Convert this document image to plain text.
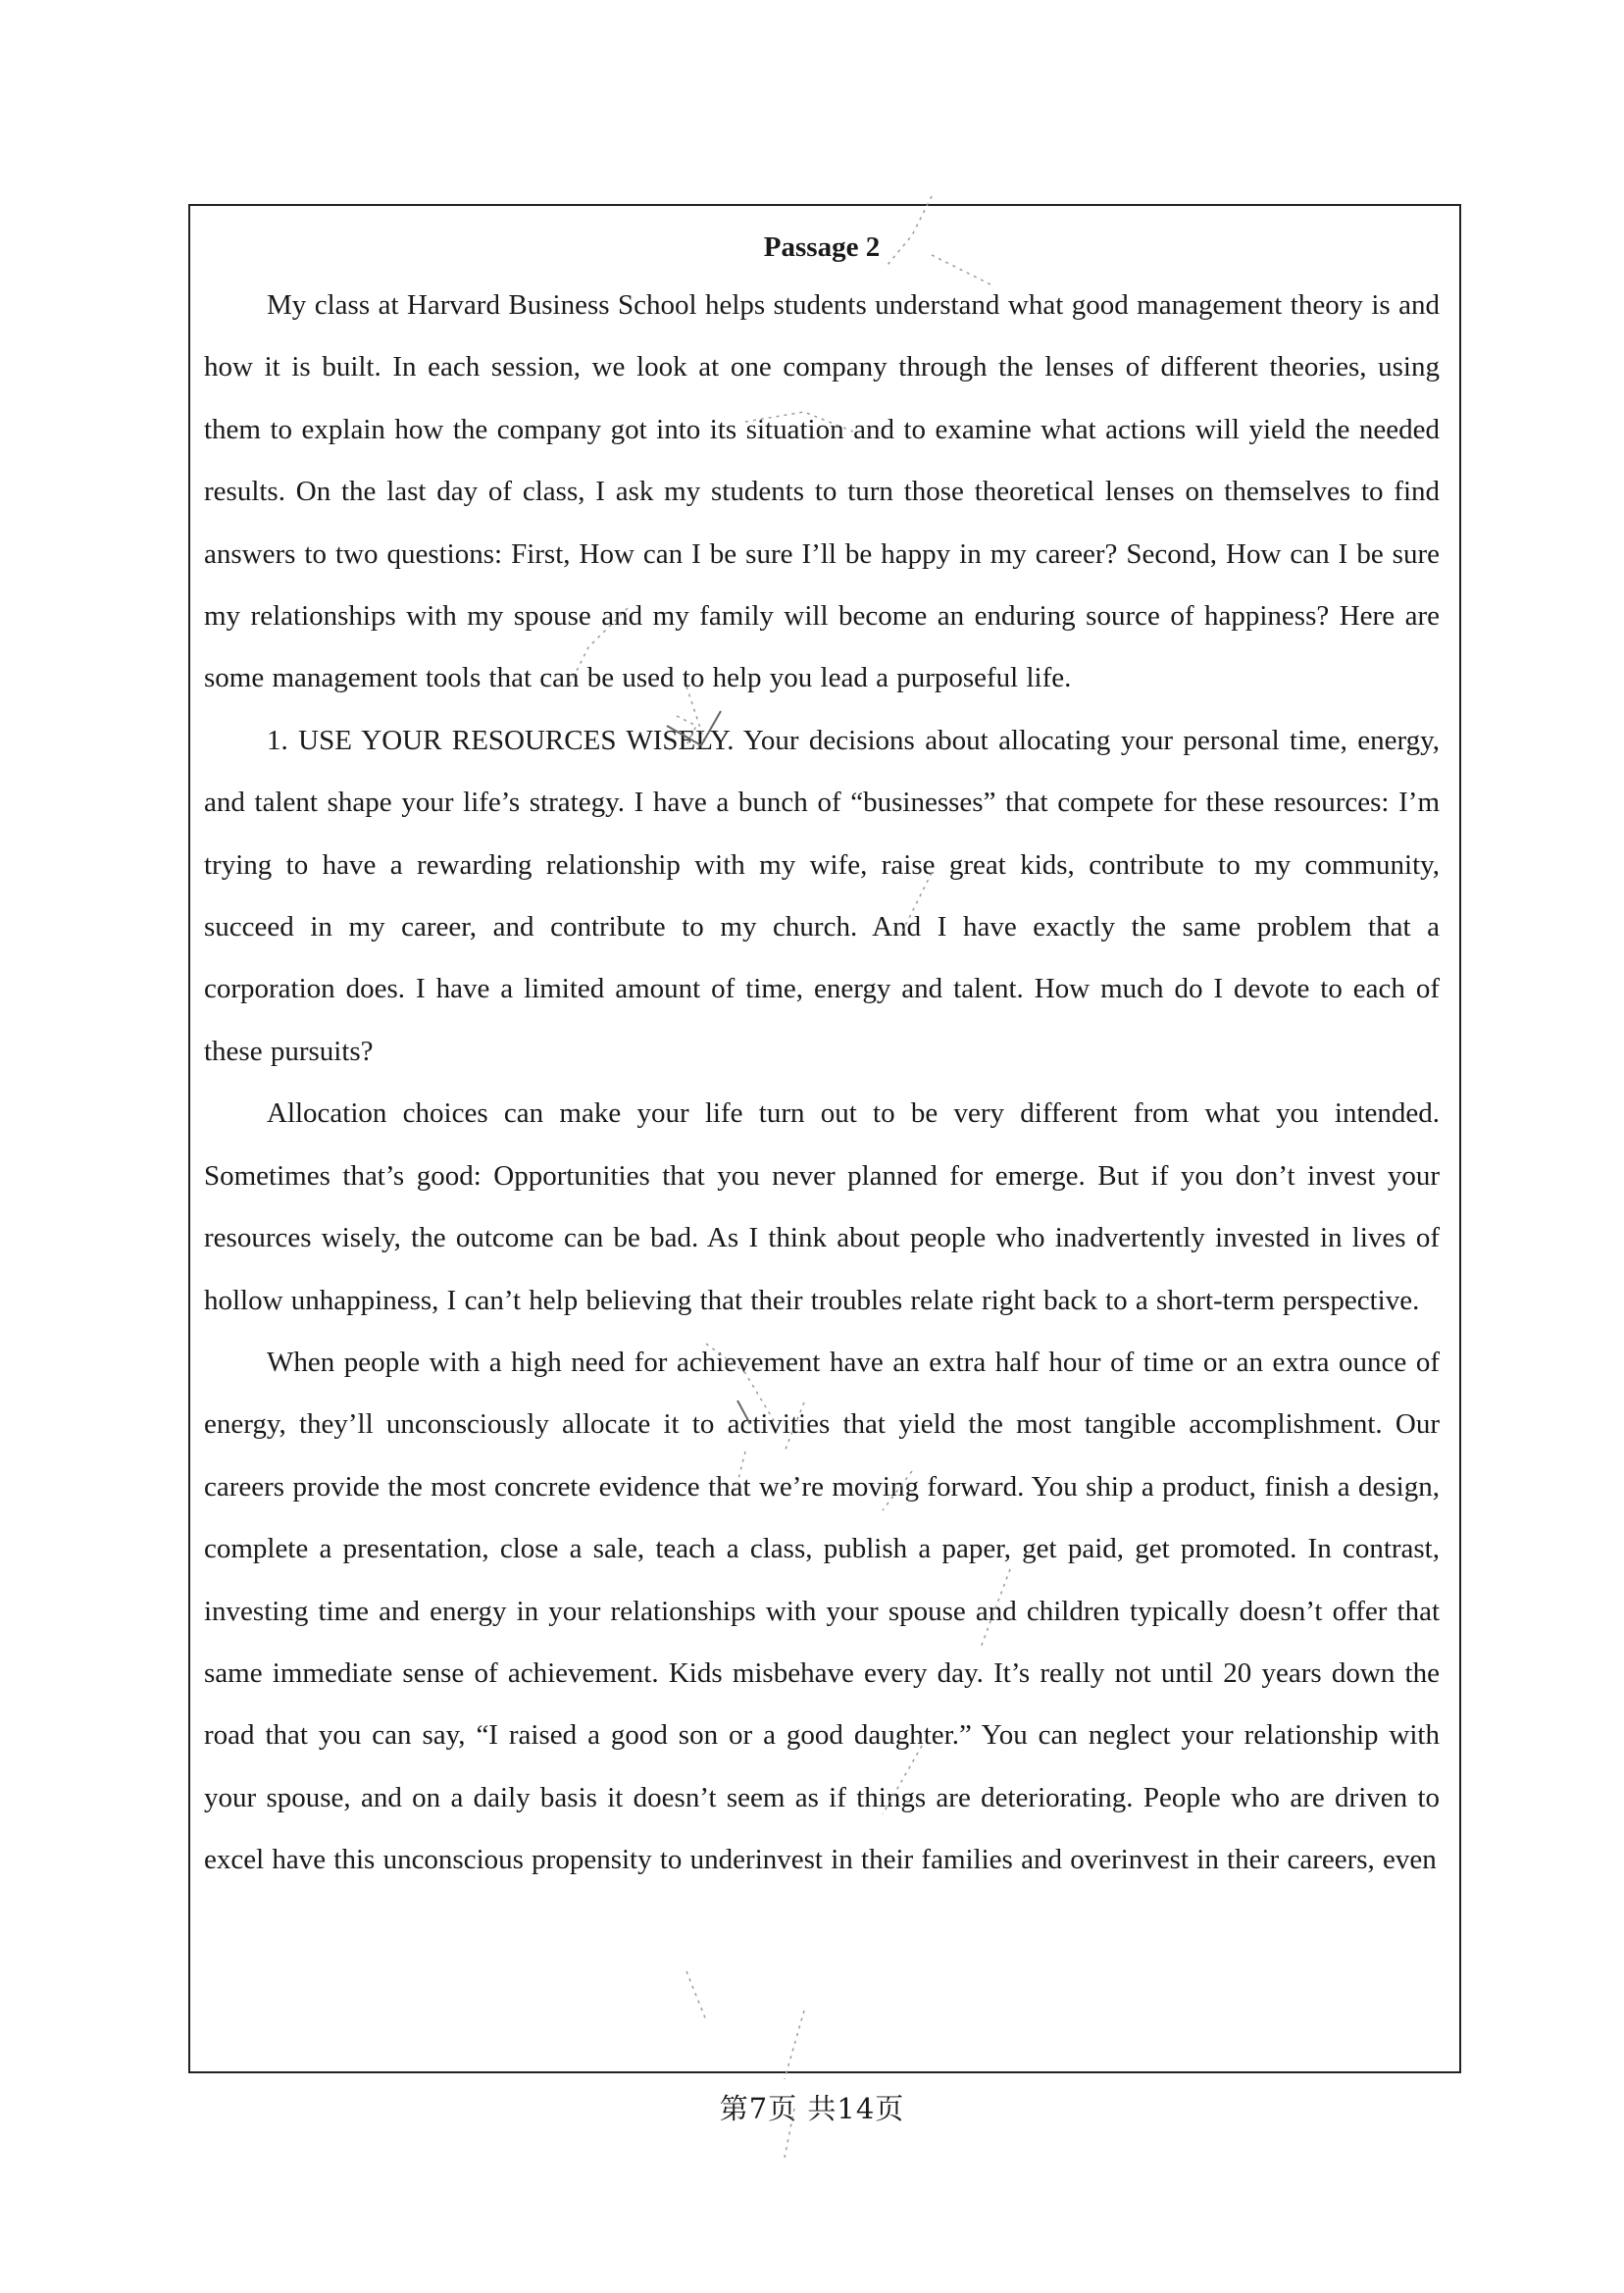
Passage 2

My class at Harvard Business School helps students understand what good management theory is and how it is built. In each session, we look at one company through the lenses of different theories, using them to explain how the company got into its situation and to examine what actions will yield the needed results. On the last day of class, I ask my students to turn those theoretical lenses on themselves to find answers to two questions: First, How can I be sure I’ll be happy in my career? Second, How can I be sure my relationships with my spouse and my family will become an enduring source of happiness? Here are some management tools that can be used to help you lead a purposeful life.

1. USE YOUR RESOURCES WISELY. Your decisions about allocating your personal time, energy, and talent shape your life’s strategy. I have a bunch of “businesses” that compete for these resources: I’m trying to have a rewarding relationship with my wife, raise great kids, contribute to my community, succeed in my career, and contribute to my church. And I have exactly the same problem that a corporation does. I have a limited amount of time, energy and talent. How much do I devote to each of these pursuits?

Allocation choices can make your life turn out to be very different from what you intended. Sometimes that’s good: Opportunities that you never planned for emerge. But if you don’t invest your resources wisely, the outcome can be bad. As I think about people who inadvertently invested in lives of hollow unhappiness, I can’t help believing that their troubles relate right back to a short-term perspective.

When people with a high need for achievement have an extra half hour of time or an extra ounce of energy, they’ll unconsciously allocate it to activities that yield the most tangible accomplishment. Our careers provide the most concrete evidence that we’re moving forward. You ship a product, finish a design, complete a presentation, close a sale, teach a class, publish a paper, get paid, get promoted. In contrast, investing time and energy in your relationships with your spouse and children typically doesn’t offer that same immediate sense of achievement. Kids misbehave every day. It’s really not until 20 years down the road that you can say, “I raised a good son or a good daughter.” You can neglect your relationship with your spouse, and on a daily basis it doesn’t seem as if things are deteriorating. People who are driven to excel have this unconscious propensity to underinvest in their families and overinvest in their careers, even

第7页 共14页
